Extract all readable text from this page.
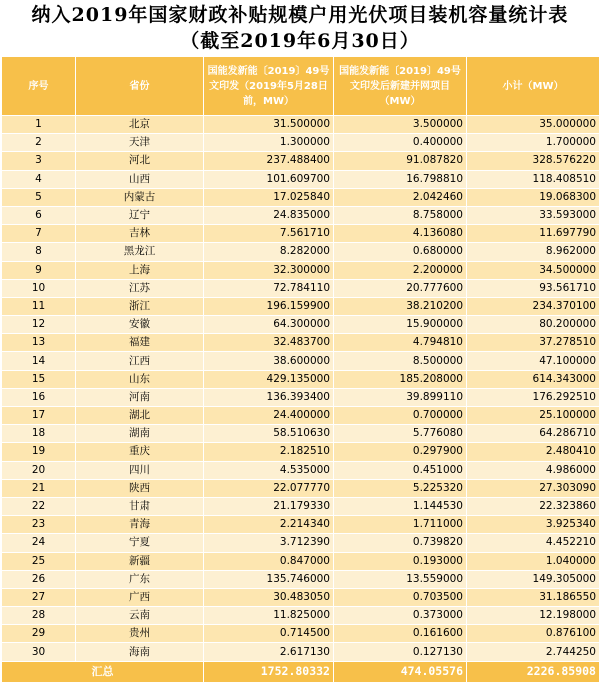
纳入2019年国家财政补贴规模户用光伏项目装机容量统计表
（截至2019年6月30日）
序号	省份	国能发新能〔2019〕49号文印发（2019年5月28日前，MW）	国能发新能〔2019〕49号文印发后新建并网项目（MW）	小计（MW）
1	北京	31.500000	3.500000	35.000000
2	天津	1.300000	0.400000	1.700000
3	河北	237.488400	91.087820	328.576220
4	山西	101.609700	16.798810	118.408510
5	内蒙古	17.025840	2.042460	19.068300
6	辽宁	24.835000	8.758000	33.593000
7	吉林	7.561710	4.136080	11.697790
8	黑龙江	8.282000	0.680000	8.962000
9	上海	32.300000	2.200000	34.500000
10	江苏	72.784110	20.777600	93.561710
11	浙江	196.159900	38.210200	234.370100
12	安徽	64.300000	15.900000	80.200000
13	福建	32.483700	4.794810	37.278510
14	江西	38.600000	8.500000	47.100000
15	山东	429.135000	185.208000	614.343000
16	河南	136.393400	39.899110	176.292510
17	湖北	24.400000	0.700000	25.100000
18	湖南	58.510630	5.776080	64.286710
19	重庆	2.182510	0.297900	2.480410
20	四川	4.535000	0.451000	4.986000
21	陕西	22.077770	5.225320	27.303090
22	甘肃	21.179330	1.144530	22.323860
23	青海	2.214340	1.711000	3.925340
24	宁夏	3.712390	0.739820	4.452210
25	新疆	0.847000	0.193000	1.040000
26	广东	135.746000	13.559000	149.305000
27	广西	30.483050	0.703500	31.186550
28	云南	11.825000	0.373000	12.198000
29	贵州	0.714500	0.161600	0.876100
30	海南	2.617130	0.127130	2.744250
汇总		1752.80332	474.05576	2226.85908
